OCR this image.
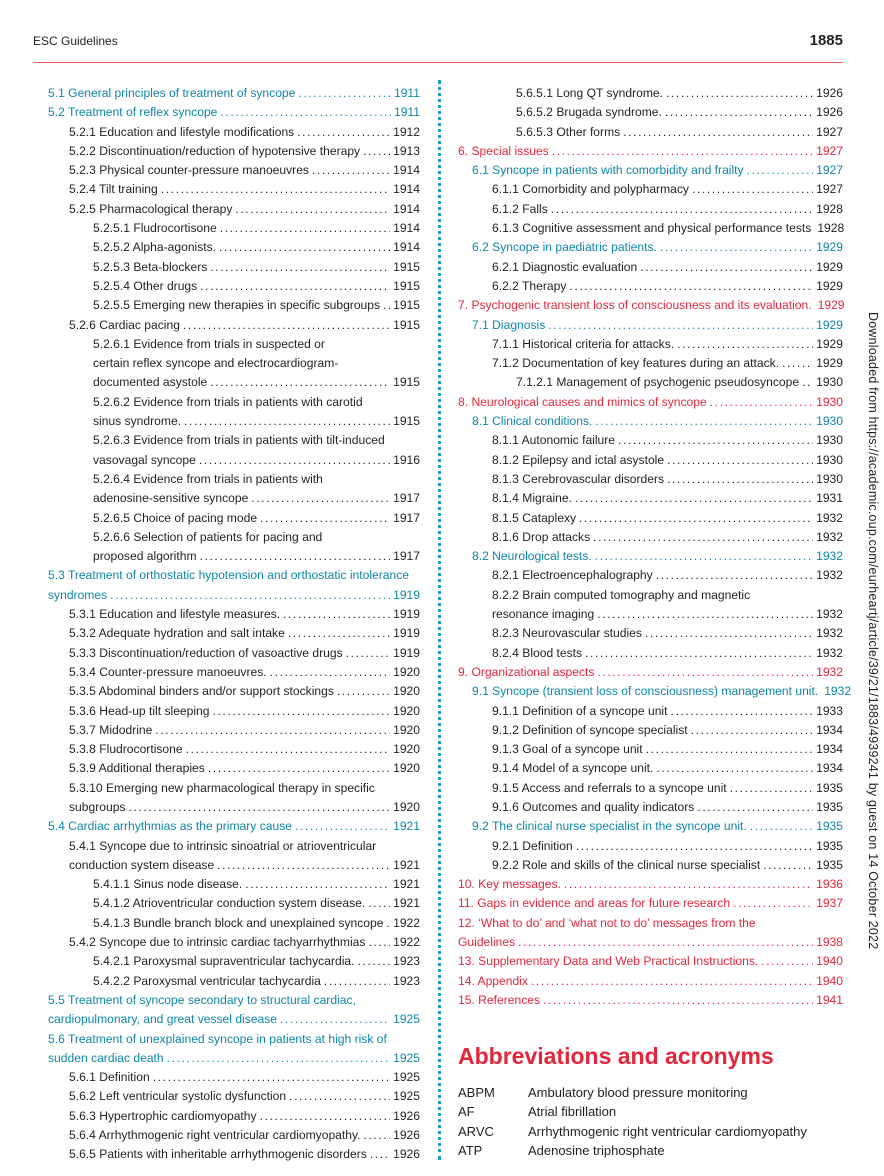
ESC Guidelines	1885
5.1 General principles of treatment of syncope .....	1911
5.2 Treatment of reflex syncope .....	1911
5.2.1 Education and lifestyle modifications .....	1912
5.2.2 Discontinuation/reduction of hypotensive therapy .....	1913
5.2.3 Physical counter-pressure manoeuvres .....	1914
5.2.4 Tilt training .....	1914
5.2.5 Pharmacological therapy .....	1914
5.2.5.1 Fludrocortisone .....	1914
5.2.5.2 Alpha-agonists. .....	1914
5.2.5.3 Beta-blockers .....	1915
5.2.5.4 Other drugs .....	1915
5.2.5.5 Emerging new therapies in specific subgroups ..... 1915
5.2.6 Cardiac pacing .....	1915
5.2.6.1 Evidence from trials in suspected or
certain reflex syncope and electrocardiogram-
documented asystole .....	1915
5.2.6.2 Evidence from trials in patients with carotid
sinus syndrome. .....	1915
5.2.6.3 Evidence from trials in patients with tilt-induced
vasovagal syncope .....	1916
5.2.6.4 Evidence from trials in patients with
adenosine-sensitive syncope .....	1917
5.2.6.5 Choice of pacing mode .....	1917
5.2.6.6 Selection of patients for pacing and
proposed algorithm .....	1917
5.3 Treatment of orthostatic hypotension and orthostatic intolerance
syndromes .....	1919
5.3.1 Education and lifestyle measures. .....	1919
5.3.2 Adequate hydration and salt intake .....	1919
5.3.3 Discontinuation/reduction of vasoactive drugs .....	1919
5.3.4 Counter-pressure manoeuvres. .....	1920
5.3.5 Abdominal binders and/or support stockings .....	1920
5.3.6 Head-up tilt sleeping .....	1920
5.3.7 Midodrine .....	1920
5.3.8 Fludrocortisone .....	1920
5.3.9 Additional therapies .....	1920
5.3.10 Emerging new pharmacological therapy in specific
subgroups .....	1920
5.4 Cardiac arrhythmias as the primary cause .....	1921
5.4.1 Syncope due to intrinsic sinoatrial or atrioventricular
conduction system disease .....	1921
5.4.1.1 Sinus node disease. .....	1921
5.4.1.2 Atrioventricular conduction system disease. ..... 1921
5.4.1.3 Bundle branch block and unexplained syncope ..... 1922
5.4.2 Syncope due to intrinsic cardiac tachyarrhythmias ..... 1922
5.4.2.1 Paroxysmal supraventricular tachycardia. .....	1923
5.4.2.2 Paroxysmal ventricular tachycardia .....	1923
5.5 Treatment of syncope secondary to structural cardiac,
cardiopulmonary, and great vessel disease .....	1925
5.6 Treatment of unexplained syncope in patients at high risk of
sudden cardiac death .....	1925
5.6.1 Definition .....	1925
5.6.2 Left ventricular systolic dysfunction .....	1925
5.6.3 Hypertrophic cardiomyopathy .....	1926
5.6.4 Arrhythmogenic right ventricular cardiomyopathy. .....	1926
5.6.5 Patients with inheritable arrhythmogenic disorders ..... 1926
5.6.5.1 Long QT syndrome. .....	1926
5.6.5.2 Brugada syndrome. .....	1926
5.6.5.3 Other forms .....	1927
6. Special issues .....	1927
6.1 Syncope in patients with comorbidity and frailty .....	1927
6.1.1 Comorbidity and polypharmacy .....	1927
6.1.2 Falls .....	1928
6.1.3 Cognitive assessment and physical performance tests 1928
6.2 Syncope in paediatric patients. .....	1929
6.2.1 Diagnostic evaluation .....	1929
6.2.2 Therapy .....	1929
7. Psychogenic transient loss of consciousness and its evaluation. 1929
7.1 Diagnosis .....	1929
7.1.1 Historical criteria for attacks. .....	1929
7.1.2 Documentation of key features during an attack. .....	1929
7.1.2.1 Management of psychogenic pseudosyncope ..... 1930
8. Neurological causes and mimics of syncope .....	1930
8.1 Clinical conditions. .....	1930
8.1.1 Autonomic failure .....	1930
8.1.2 Epilepsy and ictal asystole .....	1930
8.1.3 Cerebrovascular disorders .....	1930
8.1.4 Migraine. .....	1931
8.1.5 Cataplexy .....	1932
8.1.6 Drop attacks .....	1932
8.2 Neurological tests. .....	1932
8.2.1 Electroencephalography .....	1932
8.2.2 Brain computed tomography and magnetic
resonance imaging .....	1932
8.2.3 Neurovascular studies .....	1932
8.2.4 Blood tests .....	1932
9. Organizational aspects .....	1932
9.1 Syncope (transient loss of consciousness) management unit. 1932
9.1.1 Definition of a syncope unit .....	1933
9.1.2 Definition of syncope specialist .....	1934
9.1.3 Goal of a syncope unit .....	1934
9.1.4 Model of a syncope unit. .....	1934
9.1.5 Access and referrals to a syncope unit .....	1935
9.1.6 Outcomes and quality indicators .....	1935
9.2 The clinical nurse specialist in the syncope unit. .....	1935
9.2.1 Definition .....	1935
9.2.2 Role and skills of the clinical nurse specialist .....	1935
10. Key messages. .....	1936
11. Gaps in evidence and areas for future research .....	1937
12. ‘What to do’ and ‘what not to do’ messages from the
Guidelines .....	1938
13. Supplementary Data and Web Practical Instructions. .....	1940
14. Appendix .....	1940
15. References .....	1941
Abbreviations and acronyms
ABPM	Ambulatory blood pressure monitoring
AF	Atrial fibrillation
ARVC	Arrhythmogenic right ventricular cardiomyopathy
ATP	Adenosine triphosphate
Downloaded from https://academic.oup.com/eurheartj/article/39/21/1883/4939241 by guest on 14 October 2022
